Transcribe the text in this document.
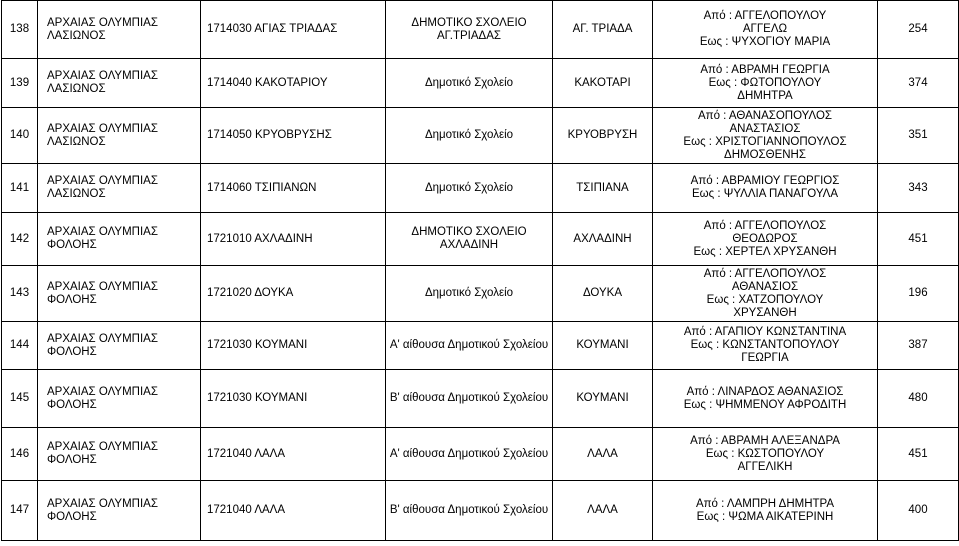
138	ΑΡΧΑΙΑΣ ΟΛΥΜΠΙΑΣ
ΛΑΣΙΩΝΟΣ	1714030 ΑΓΙΑΣ ΤΡΙΑΔΑΣ	ΔΗΜΟΤΙΚΟ ΣΧΟΛΕΙΟ
ΑΓ.ΤΡΙΑΔΑΣ	ΑΓ. ΤΡΙΑΔΑ	Από : ΑΓΓΕΛΟΠΟΥΛΟΥ
ΑΓΓΕΛΩ
Εως : ΨΥΧΟΓΙΟΥ ΜΑΡΙΑ	254
139	ΑΡΧΑΙΑΣ ΟΛΥΜΠΙΑΣ
ΛΑΣΙΩΝΟΣ	1714040 ΚΑΚΟΤΑΡΙΟΥ	Δημοτικό Σχολείο	ΚΑΚΟΤΑΡΙ	Από : ΑΒΡΑΜΗ ΓΕΩΡΓΙΑ
Εως : ΦΩΤΟΠΟΥΛΟΥ
ΔΗΜΗΤΡΑ	374
140	ΑΡΧΑΙΑΣ ΟΛΥΜΠΙΑΣ
ΛΑΣΙΩΝΟΣ	1714050 ΚΡΥΟΒΡΥΣΗΣ	Δημοτικό Σχολείο	ΚΡΥΟΒΡΥΣΗ	Από : ΑΘΑΝΑΣΟΠΟΥΛΟΣ
ΑΝΑΣΤΑΣΙΟΣ
Εως : ΧΡΙΣΤΟΓΙΑΝΝΟΠΟΥΛΟΣ
ΔΗΜΟΣΘΕΝΗΣ	351
141	ΑΡΧΑΙΑΣ ΟΛΥΜΠΙΑΣ
ΛΑΣΙΩΝΟΣ	1714060 ΤΣΙΠΙΑΝΩΝ	Δημοτικό Σχολείο	ΤΣΙΠΙΑΝΑ	Από : ΑΒΡΑΜΙΟΥ ΓΕΩΡΓΙΟΣ
Εως : ΨΥΛΛΙΑ ΠΑΝΑΓΟΥΛΑ	343
142	ΑΡΧΑΙΑΣ ΟΛΥΜΠΙΑΣ
ΦΟΛΟΗΣ	1721010 ΑΧΛΑΔΙΝΗ	ΔΗΜΟΤΙΚΟ ΣΧΟΛΕΙΟ
ΑΧΛΑΔΙΝΗ	ΑΧΛΑΔΙΝΗ	Από : ΑΓΓΕΛΟΠΟΥΛΟΣ
ΘΕΟΔΩΡΟΣ
Εως : ΧΕΡΤΕΛ ΧΡΥΣΑΝΘΗ	451
143	ΑΡΧΑΙΑΣ ΟΛΥΜΠΙΑΣ
ΦΟΛΟΗΣ	1721020 ΔΟΥΚΑ	Δημοτικό Σχολείο	ΔΟΥΚΑ	Από : ΑΓΓΕΛΟΠΟΥΛΟΣ
ΑΘΑΝΑΣΙΟΣ
Εως : ΧΑΤΖΟΠΟΥΛΟΥ
ΧΡΥΣΑΝΘΗ	196
144	ΑΡΧΑΙΑΣ ΟΛΥΜΠΙΑΣ
ΦΟΛΟΗΣ	1721030 ΚΟΥΜΑΝΙ	Α' αίθουσα Δημοτικού Σχολείου	ΚΟΥΜΑΝΙ	Από : ΑΓΑΠΙΟΥ ΚΩΝΣΤΑΝΤΙΝΑ
Εως : ΚΩΝΣΤΑΝΤΟΠΟΥΛΟΥ
ΓΕΩΡΓΙΑ	387
145	ΑΡΧΑΙΑΣ ΟΛΥΜΠΙΑΣ
ΦΟΛΟΗΣ	1721030 ΚΟΥΜΑΝΙ	Β' αίθουσα Δημοτικού Σχολείου	ΚΟΥΜΑΝΙ	Από : ΛΙΝΑΡΔΟΣ ΑΘΑΝΑΣΙΟΣ
Εως : ΨΗΜΜΕΝΟΥ ΑΦΡΟΔΙΤΗ	480
146	ΑΡΧΑΙΑΣ ΟΛΥΜΠΙΑΣ
ΦΟΛΟΗΣ	1721040 ΛΑΛΑ	Α' αίθουσα Δημοτικού Σχολείου	ΛΑΛΑ	Από : ΑΒΡΑΜΗ ΑΛΕΞΑΝΔΡΑ
Εως : ΚΩΣΤΟΠΟΥΛΟΥ
ΑΓΓΕΛΙΚΗ	451
147	ΑΡΧΑΙΑΣ ΟΛΥΜΠΙΑΣ
ΦΟΛΟΗΣ	1721040 ΛΑΛΑ	Β' αίθουσα Δημοτικού Σχολείου	ΛΑΛΑ	Από : ΛΑΜΠΡΗ ΔΗΜΗΤΡΑ
Εως : ΨΩΜΑ ΑΙΚΑΤΕΡΙΝΗ	400
